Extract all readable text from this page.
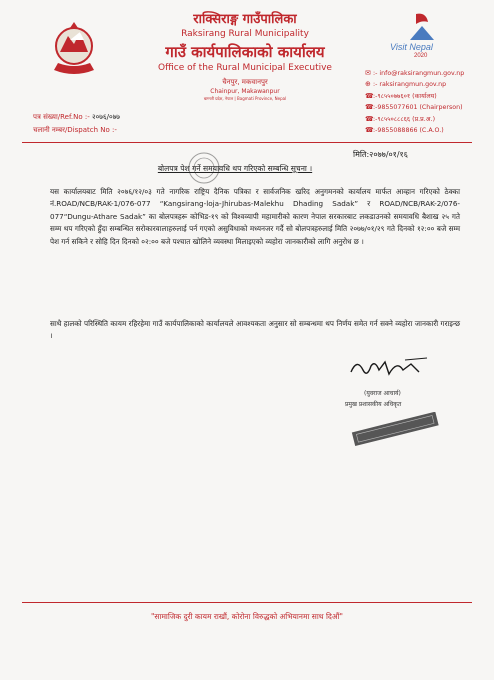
राक्सिराङ्ग गाउँपालिका
Raksirang Rural Municipality
गाउँ कार्यपालिकाको कार्यालय
Office of the Rural Municipal Executive
चैनपुर, मकवानपुर
Chainpur, Makawanpur
बाग्मती प्रदेश, नेपाल | Bagmati Province, Nepal
Visit Nepal
2020
✉ :- info@raksirangmun.gov.np
⊕ :- raksirangmun.gov.np
☎:-९८५५०७७६०१ (कार्यालय)
☎:-9855077601 (Chairperson)
☎:-९८५५०८८८६६ (प्र.प्र.अ.)
☎:-9855088866 (C.A.O.)
पत्र संख्या/Ref.No :- २०७६/०७७
चलानी नम्बर/Dispatch No :-
मिति:२०७७/०१/१६
बोलपत्र पेश गर्ने समयावधि थप गरिएको सम्बन्धि सूचना ।
यस कार्यालयबाट मिति २०७६/१२/०३ गते नागरिक राष्ट्रिय दैनिक पत्रिका र सार्वजनिक खरिद अनुगमनको कार्यालय मार्फत आव्हान गरिएको ठेक्का नं.ROAD/NCB/RAK-1/076-077 “Kangsirang-loja-Jhirubas-Malekhu Dhading Sadak” र ROAD/NCB/RAK-2/076-077“Dungu-Athare Sadak” का बोलपत्रहरू कोभिड-१९ को विश्वव्यापी महामारीको कारण नेपाल सरकारबाट लकडाउनको समयावधि बैशाख २५ गते सम्म थप गरिएको हुँदा सम्बन्धित सरोकारवालाहरुलाई पर्न गएको असुविधाको मध्यनजर गर्दै सो बोलपत्रहरुलाई मिति २०७७/०१/२९ गते दिनको १२:०० बजे सम्म पेश गर्न सकिने र सोहि दिन दिनको ०२:०० बजे पश्चात खोलिने व्यवस्था मिलाइएको व्यहोरा जानकारीको लागि अनुरोध छ ।
साथै हालको परिस्थिति कायम रहिरहेमा गाउँ कार्यपालिकाको कार्यालयले आवश्यकता अनुसार सो सम्बन्धमा थप निर्णय समेत गर्न सक्ने व्यहोरा जानकारी गराइन्छ ।
(युवराज आचार्य)
प्रमुख प्रशासकीय अधिकृत
"सामाजिक दुरी कायम राखौं, कोरोना विरुद्धको अभियानमा साथ दिऔं"
